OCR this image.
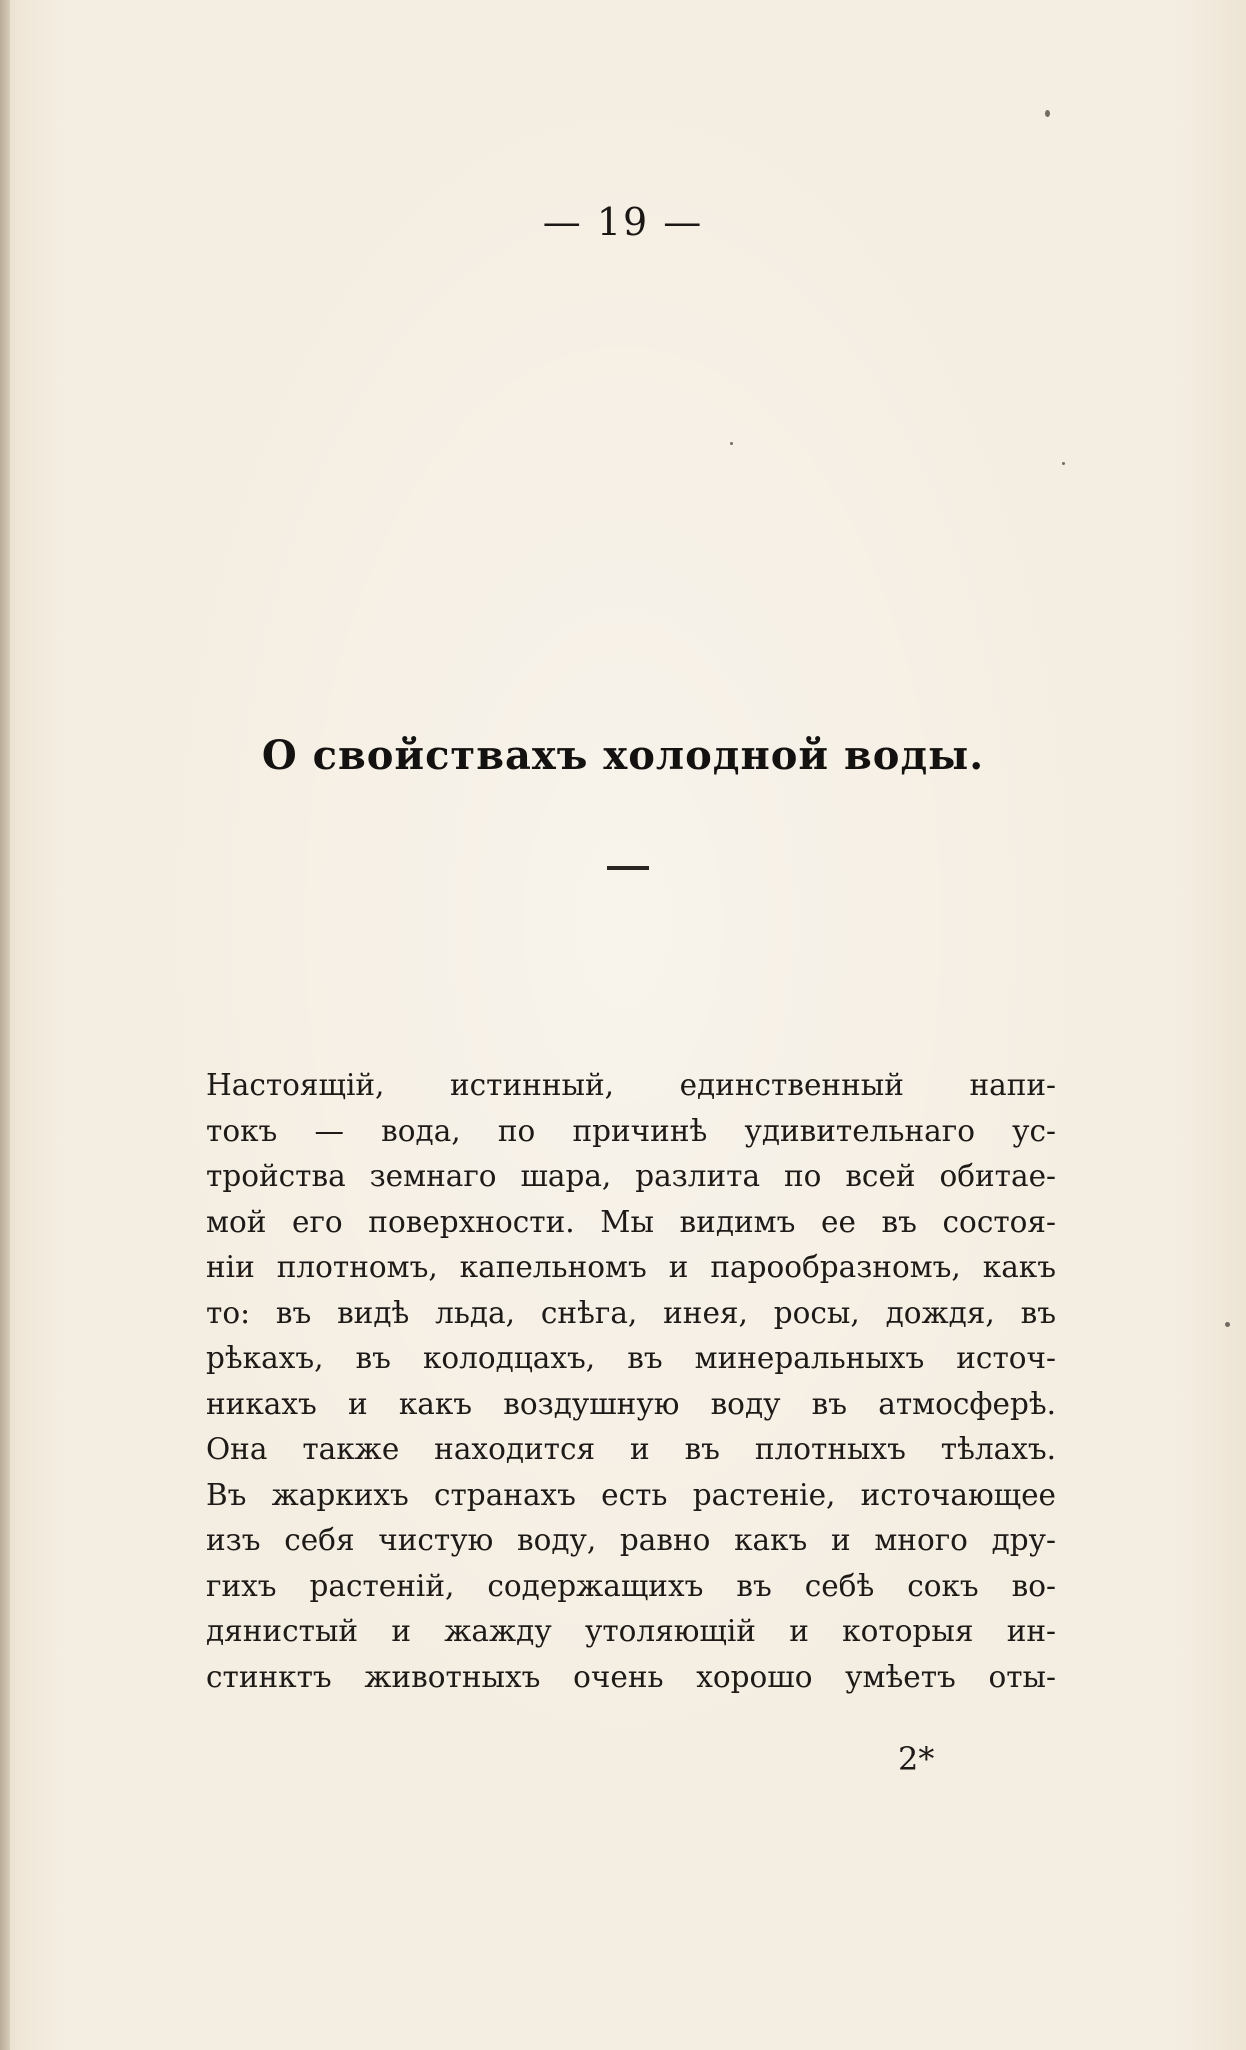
— 19 —
О свойствахъ холодной воды.
Настоящій, истинный, единственный напи-
токъ — вода, по причинѣ удивительнаго ус-
тройства земнаго шара, разлита по всей обитае-
мой его поверхности. Мы видимъ ее въ состоя-
ніи плотномъ, капельномъ и парообразномъ, какъ
то: въ видѣ льда, снѣга, инея, росы, дождя, въ
рѣкахъ, въ колодцахъ, въ минеральныхъ источ-
никахъ и какъ воздушную воду въ атмосферѣ.
Она также находится и въ плотныхъ тѣлахъ.
Въ жаркихъ странахъ есть растеніе, источающее
изъ себя чистую воду, равно какъ и много дру-
гихъ растеній, содержащихъ въ себѣ сокъ во-
дянистый и жажду утоляющій и которыя ин-
стинктъ животныхъ очень хорошо умѣетъ оты-
2*
